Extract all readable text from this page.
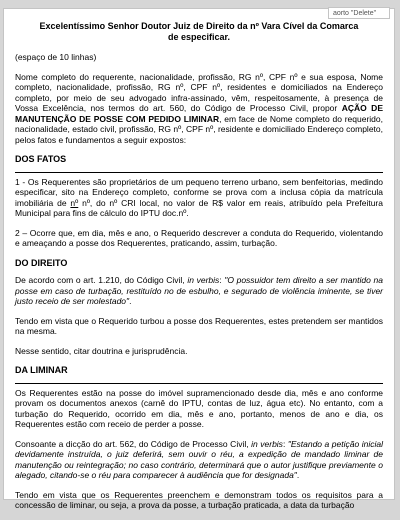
aorto "Delete"
Excelentíssimo Senhor Doutor Juiz de Direito da nº Vara Cível da Comarca
de especificar.

(espaço de 10 linhas)

Nome completo do requerente, nacionalidade, profissão, RG nº, CPF nº e sua esposa, Nome completo, nacionalidade, profissão, RG nº, CPF nº, residentes e domiciliados na Endereço completo, por meio de seu advogado infra-assinado, vêm, respeitosamente, à presença de Vossa Excelência, nos termos do art. 560, do Código de Processo Civil, propor AÇÃO DE MANUTENÇÃO DE POSSE COM PEDIDO LIMINAR, em face de Nome completo do requerido, nacionalidade, estado civil, profissão, RG nº, CPF nº, residente e domiciliado Endereço completo, pelos fatos e fundamentos a seguir expostos:

DOS FATOS

1 - Os Requerentes são proprietários de um pequeno terreno urbano, sem benfeitorias, medindo especificar, sito na Endereço completo, conforme se prova com a inclusa cópia da matrícula imobiliária de nº nº, do nº CRI local, no valor de R$ valor em reais, atribuído pela Prefeitura Municipal para fins de cálculo do IPTU doc.nº.

2 – Ocorre que, em dia, mês e ano, o Requerido descrever a conduta do Requerido, violentando e ameaçando a posse dos Requerentes, praticando, assim, turbação.

DO DIREITO

De acordo com o art. 1.210, do Código Civil, in verbis: "O possuidor tem direito a ser mantido na posse em caso de turbação, restituído no de esbulho, e segurado de violência iminente, se tiver justo receio de ser molestado".

Tendo em vista que o Requerido turbou a posse dos Requerentes, estes pretendem ser mantidos na mesma.

Nesse sentido, citar doutrina e jurisprudência.

DA LIMINAR

Os Requerentes estão na posse do imóvel supramencionado desde dia, mês e ano conforme provam os documentos anexos (carnê do IPTU, contas de luz, água etc). No entanto, com a turbação do Requerido, ocorrido em dia, mês e ano, portanto, menos de ano e dia, os Requerentes estão com receio de perder a posse.

Consoante a dicção do art. 562, do Código de Processo Civil, in verbis: "Estando a petição inicial devidamente instruída, o juiz deferirá, sem ouvir o réu, a expedição de mandado liminar de manutenção ou reintegração; no caso contrário, determinará que o autor justifique previamente o alegado, citando-se o réu para comparecer à audiência que for designada".

Tendo em vista que os Requerentes preenchem e demonstram todos os requisitos para a concessão de liminar, ou seja, a prova da posse, a turbação praticada, a data da turbação
